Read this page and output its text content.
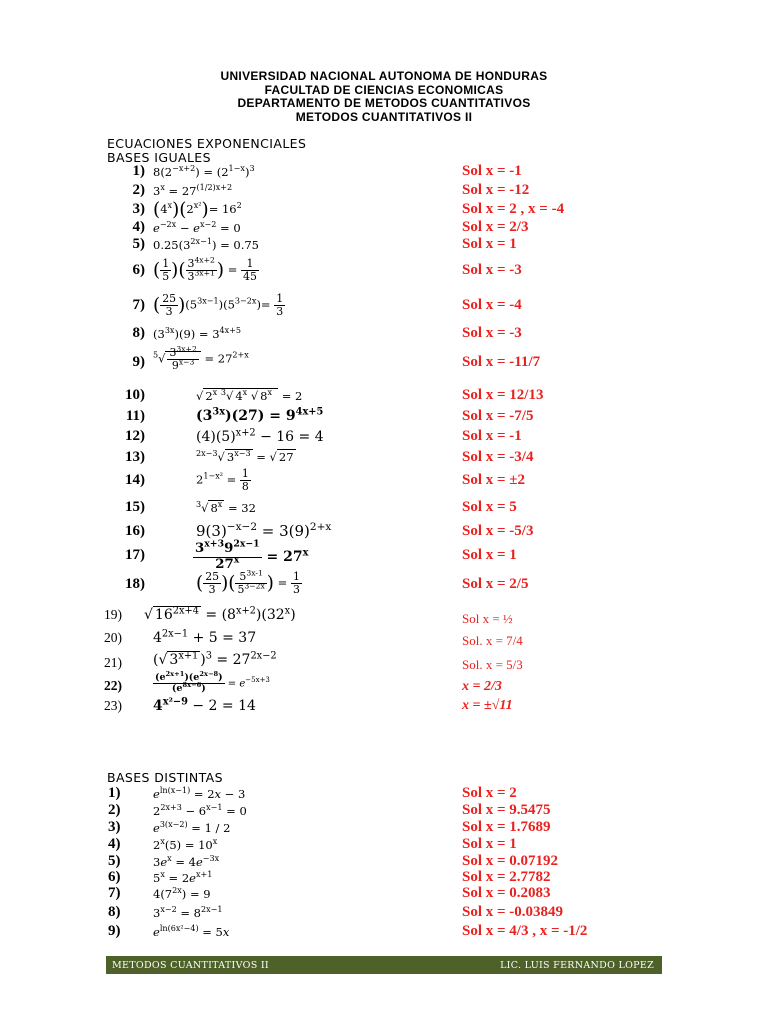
UNIVERSIDAD NACIONAL AUTONOMA DE HONDURAS
FACULTAD DE CIENCIAS ECONOMICAS
DEPARTAMENTO DE METODOS CUANTITATIVOS
METODOS CUANTITATIVOS II
ECUACIONES EXPONENCIALES
BASES IGUALES
1)
2)
3)
4)
5)
6)
7)
8)
9)
10)
11)
12)
13)
14)
15)
16)
17)
18)
19)
20)
21)
22)
23)
$8(2^{-x+2}) = (2^{1-x})^3$
$3^x = 27^{(1/2)x+2}$
$(4^x)(2^{x^2})= 16^2$
$e^{-2x} - e^{x-2} = 0$
$0.25(3^{2x-1}) = 0.75$
( $\frac{1}{5}$ )( $\frac{3^{4x+2}}{3^{3x+1}}$ ) = $\frac{1}{45}$
( $\frac{25}{3} )(5^{3x-1})(5^{3-2x})= \frac{1}{3}$
$(3^{3x})(9) = 3^{4x+5}$
$^5√ \frac{3^{3x+2}}{9^{x-3}} = 27^{2+x}$
√ 2$^x$ $^3$√ 4$^x$ √ $8^x = 2$
$(3^{3x})(27) = 9^{4x+5}$
$(4)(5)^{x+2} - 16 = 4$
$^{2x-3}$√ $3^{x-3}$ = √ 27
$2^{1-x^2} = \frac{1}{8}$
$^3$√ $8^x = 32$
$9(3)^{-x-2} = 3(9)^{2+x}$
$\frac{3^{x+3}9^{2x-1}}{27^x} = 27^x$
( $\frac{25}{3}$ )( $\frac{5^{3x-1}}{5^{3-2x}}$ ) = $\frac{1}{3}$
√ $16^{2x+4} = (8^{x+2})(32^x)$
$4^{2x-1} + 5 = 37$
(√ $3^{x+1}$ )$^3 = 27^{2x-2}$
$\frac{(e^{2x+1})(e^{2x-8})}{(e^{8x-6})} = e^{-5x+3}$
$4^{x^2-9} - 2 = 14$
Sol x = -1
Sol x = -12
Sol x = 2 , x = -4
Sol x = 2/3
Sol x = 1
Sol x = -3
Sol x = -4
Sol x = -3
Sol x = -11/7
Sol x = 12/13
Sol x = -7/5
Sol x = -1
Sol x = -3/4
Sol x = ±2
Sol x = 5
Sol x = -5/3
Sol x = 1
Sol x = 2/5
Sol x = ½
Sol. x = 7/4
Sol. x = 5/3
x = 2/3
x = ±√11
BASES DISTINTAS
1)
2)
3)
4)
5)
6)
7)
8)
9)
$e^{ln(x-1)} = 2x - 3$
$2^{2x+3} - 6^{x-1} = 0$
$e^{3(x-2)} = 1 / 2$
$2^x(5) = 10^x$
$3e^x = 4e^{-3x}$
$5^x = 2e^{x+1}$
$4(7^{2x}) = 9$
$3^{x-2} = 8^{2x-1}$
$e^{ln(6x^2-4)} = 5x$
Sol x = 2
Sol x = 9.5475
Sol x = 1.7689
Sol x = 1
Sol x = 0.07192
Sol x = 2.7782
Sol x = 0.2083
Sol x = -0.03849
Sol x = 4/3 , x = -1/2
METODOS CUANTITATIVOS II	LIC. LUIS FERNANDO LOPEZ
